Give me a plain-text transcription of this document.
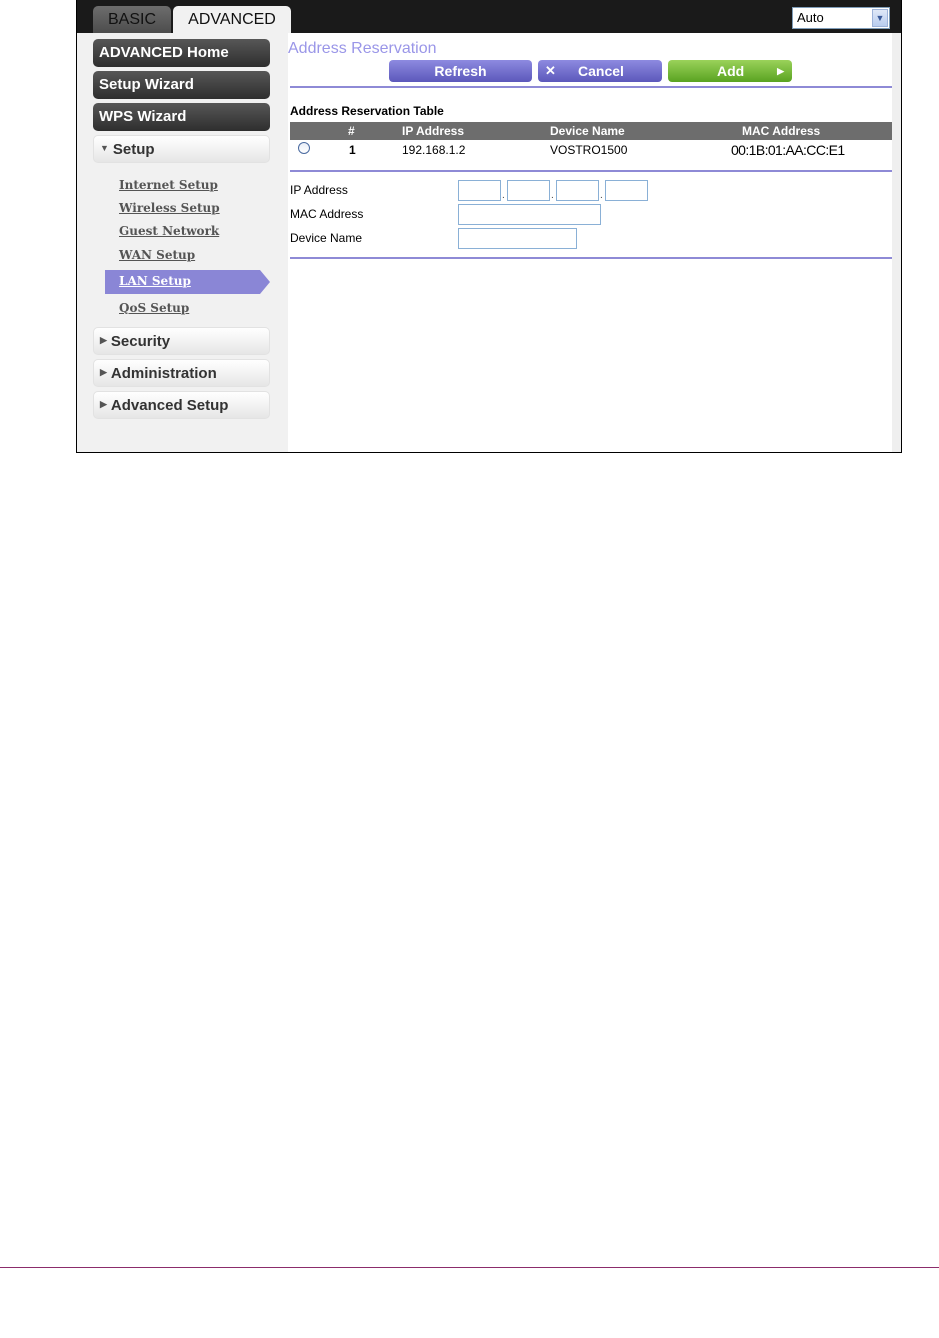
BASIC	ADVANCED	Auto	▼
ADVANCED Home
Setup Wizard
WPS Wizard
▼ Setup
Internet Setup
Wireless Setup
Guest Network
WAN Setup
LAN Setup
QoS Setup
▶ Security
▶ Administration
▶ Advanced Setup
Address Reservation
Refresh	✕ Cancel	Add	▶
Address Reservation Table
#	IP Address	Device Name	MAC Address
1	192.168.1.2	VOSTRO1500	00:1B:01:AA:CC:E1
IP Address	.	.	.
MAC Address
Device Name
